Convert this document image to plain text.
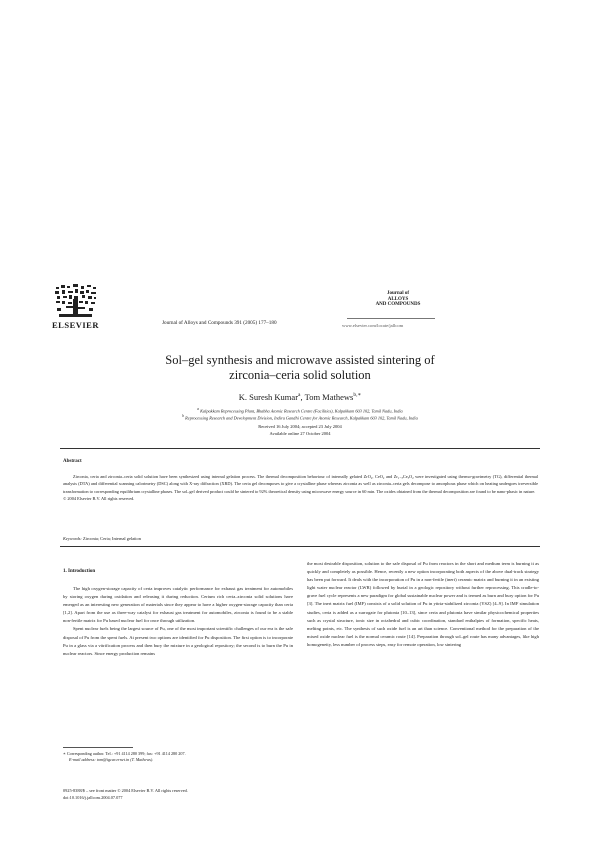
ELSEVIER	Journal of Alloys and Compounds 391 (2005) 177–180
Journal of
ALLOYS
AND COMPOUNDS
www.elsevier.com/locate/jallcom
Sol–gel synthesis and microwave assisted sintering of
zirconia–ceria solid solution
K. Suresh Kumar$^a$, Tom Mathews$^{b,∗}$
$^a$ Kalpakkam Reprocessing Plant, Bhabha Atomic Research Centre (Facilities), Kalpakkam 603 102, Tamil Nadu, India
$^b$ Reprocessing Research and Development Division, Indira Gandhi Centre for Atomic Research, Kalpakkam 603 102, Tamil Nadu, India
Received 16 July 2004; accepted 23 July 2004
Available online 27 October 2004
Abstract

Zirconia, ceria and zirconia–ceria solid solution have been synthesized using internal gelation process. The thermal decomposition behaviour of internally gelated ZrO₂, CeO₂ and Zr₁₋ₓCeₓO₂ were investigated using thermo-gravimetry (TG), differential thermal analysis (DTA) and differential scanning calorimetry (DSC) along with X-ray diffraction (XRD). The ceria gel decomposes to give a crystalline phase whereas zirconia as well as zirconia–ceria gels decompose to amorphous phase which on heating undergoes irreversible transformation to corresponding equilibrium crystalline phases. The sol–gel derived product could be sintered to 92% theoretical density using microwave energy source in 60 min. The oxides obtained from the thermal decomposition are found to be nano-phasic in nature.

© 2004 Elsevier B.V. All rights reserved.

Keywords: Zirconia; Ceria; Internal gelation
1. Introduction

The high oxygen-storage capacity of ceria improves catalytic performance for exhaust gas treatment for automobiles by storing oxygen during oxidation and releasing it during reduction. Cerium rich ceria–zirconia solid solutions have emerged as an interesting new generation of materials since they appear to have a higher oxygen-storage capacity than ceria [1,2]. Apart from the use as three-way catalyst for exhaust gas treatment for automobiles, zirconia is found to be a stable non-fertile matrix for Pu based nuclear fuel for once through utilization.

Spent nuclear fuels being the largest source of Pu, one of the most important scientific challenges of our era is the safe disposal of Pu from the spent fuels. At present two options are identified for Pu disposition. The first option is to incorporate Pu in a glass via a vitrification process and then bury the mixture in a geological repository; the second is to burn the Pu in nuclear reactors. Since energy production remains

the most desirable disposition, solution to the safe disposal of Pu from reactors in the short and medium term is burning it as quickly and completely as possible. Hence, recently a new option incorporating both aspects of the above dual-track strategy has been put forward. It deals with the incorporation of Pu in a non-fertile (inert) ceramic matrix and burning it in an existing light water nuclear reactor (LWR) followed by burial in a geologic repository without further reprocessing. This cradle-to-grave fuel cycle represents a new paradigm for global sustainable nuclear power and is termed as burn and bury option for Pu [3]. The inert matrix fuel (IMF) consists of a solid solution of Pu in yttria-stabilized zirconia (YSZ) [4–9]. In IMF simulation studies, ceria is added as a surrogate for plutonia [10–13], since ceria and plutonia have similar physicochemical properties such as crystal structure, ionic size in octahedral and cubic coordination, standard enthalpies of formation, specific heats, melting points, etc. The synthesis of such oxide fuel is an art than science. Conventional method for the preparation of the mixed oxide nuclear fuel is the normal ceramic route [14]. Preparation through sol–gel route has many advantages, like high homogeneity, less number of process steps, easy for remote operation, low sintering

∗ Corresponding author. Tel.: +91 4114 280 399; fax: +91 4114 280 207.
E-mail address: tom@igcar.ernet.in (T. Mathews).
0925-8388/$ – see front matter © 2004 Elsevier B.V. All rights reserved.
doi:10.1016/j.jallcom.2004.07.077
